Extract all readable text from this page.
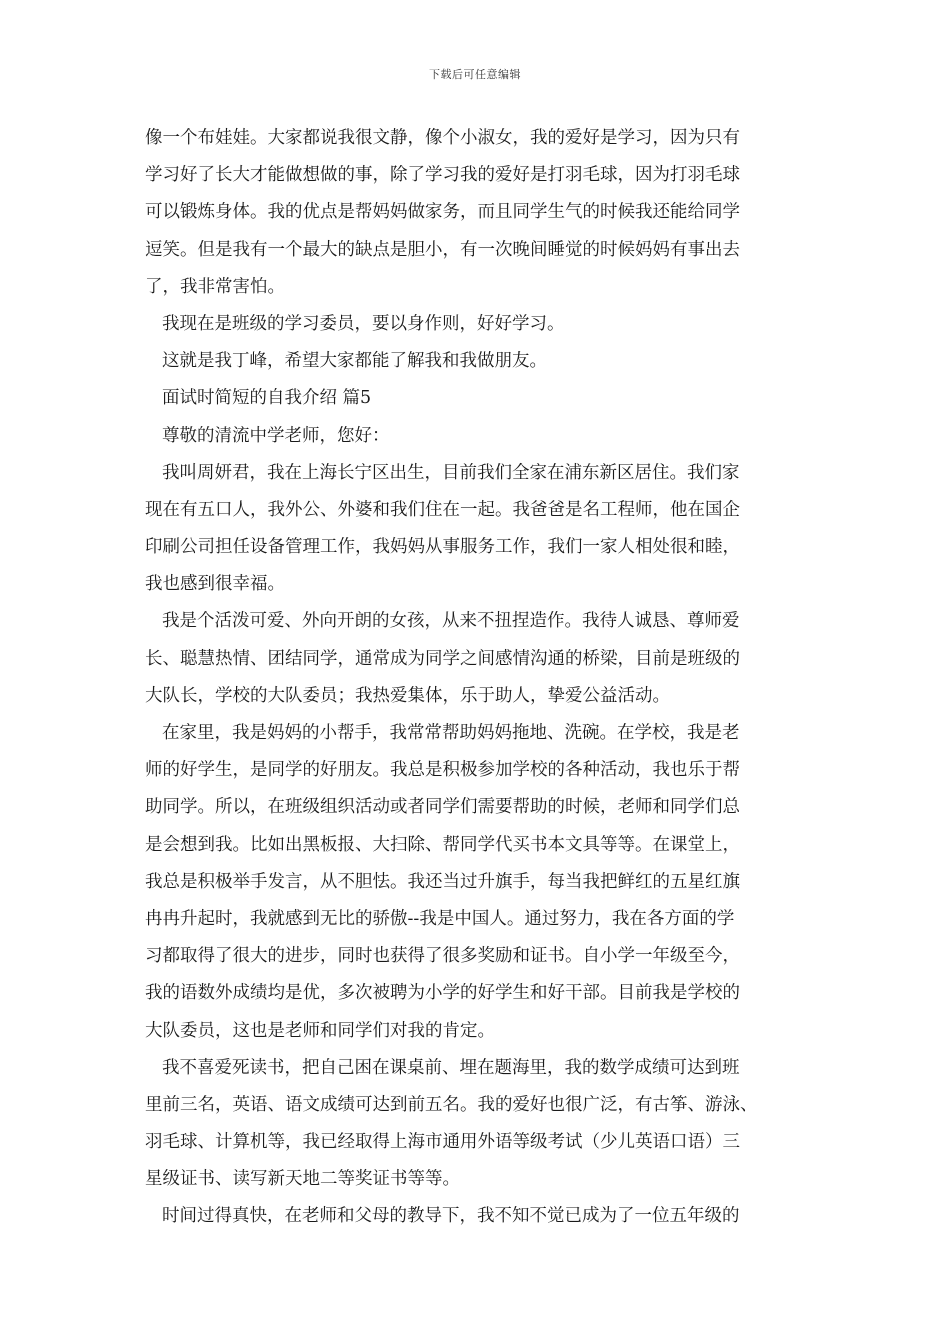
下载后可任意编辑
像一个布娃娃。大家都说我很文静，像个小淑女，我的爱好是学习，因为只有
学习好了长大才能做想做的事，除了学习我的爱好是打羽毛球，因为打羽毛球
可以锻炼身体。我的优点是帮妈妈做家务，而且同学生气的时候我还能给同学
逗笑。但是我有一个最大的缺点是胆小，有一次晚间睡觉的时候妈妈有事出去
了，我非常害怕。
我现在是班级的学习委员，要以身作则，好好学习。
这就是我丁峰，希望大家都能了解我和我做朋友。
面试时简短的自我介绍 篇5
尊敬的清流中学老师，您好：
我叫周妍君，我在上海长宁区出生，目前我们全家在浦东新区居住。我们家
现在有五口人，我外公、外婆和我们住在一起。我爸爸是名工程师，他在国企
印刷公司担任设备管理工作，我妈妈从事服务工作，我们一家人相处很和睦，
我也感到很幸福。
我是个活泼可爱、外向开朗的女孩，从来不扭捏造作。我待人诚恳、尊师爱
长、聪慧热情、团结同学，通常成为同学之间感情沟通的桥梁，目前是班级的
大队长，学校的大队委员；我热爱集体，乐于助人，挚爱公益活动。
在家里，我是妈妈的小帮手，我常常帮助妈妈拖地、洗碗。在学校，我是老
师的好学生，是同学的好朋友。我总是积极参加学校的各种活动，我也乐于帮
助同学。所以，在班级组织活动或者同学们需要帮助的时候，老师和同学们总
是会想到我。比如出黑板报、大扫除、帮同学代买书本文具等等。在课堂上，
我总是积极举手发言，从不胆怯。我还当过升旗手，每当我把鲜红的五星红旗
冉冉升起时，我就感到无比的骄傲--我是中国人。通过努力，我在各方面的学
习都取得了很大的进步，同时也获得了很多奖励和证书。自小学一年级至今，
我的语数外成绩均是优，多次被聘为小学的好学生和好干部。目前我是学校的
大队委员，这也是老师和同学们对我的肯定。
我不喜爱死读书，把自己困在课桌前、埋在题海里，我的数学成绩可达到班
里前三名，英语、语文成绩可达到前五名。我的爱好也很广泛，有古筝、游泳、
羽毛球、计算机等，我已经取得上海市通用外语等级考试（少儿英语口语）三
星级证书、读写新天地二等奖证书等等。
时间过得真快，在老师和父母的教导下，我不知不觉已成为了一位五年级的
